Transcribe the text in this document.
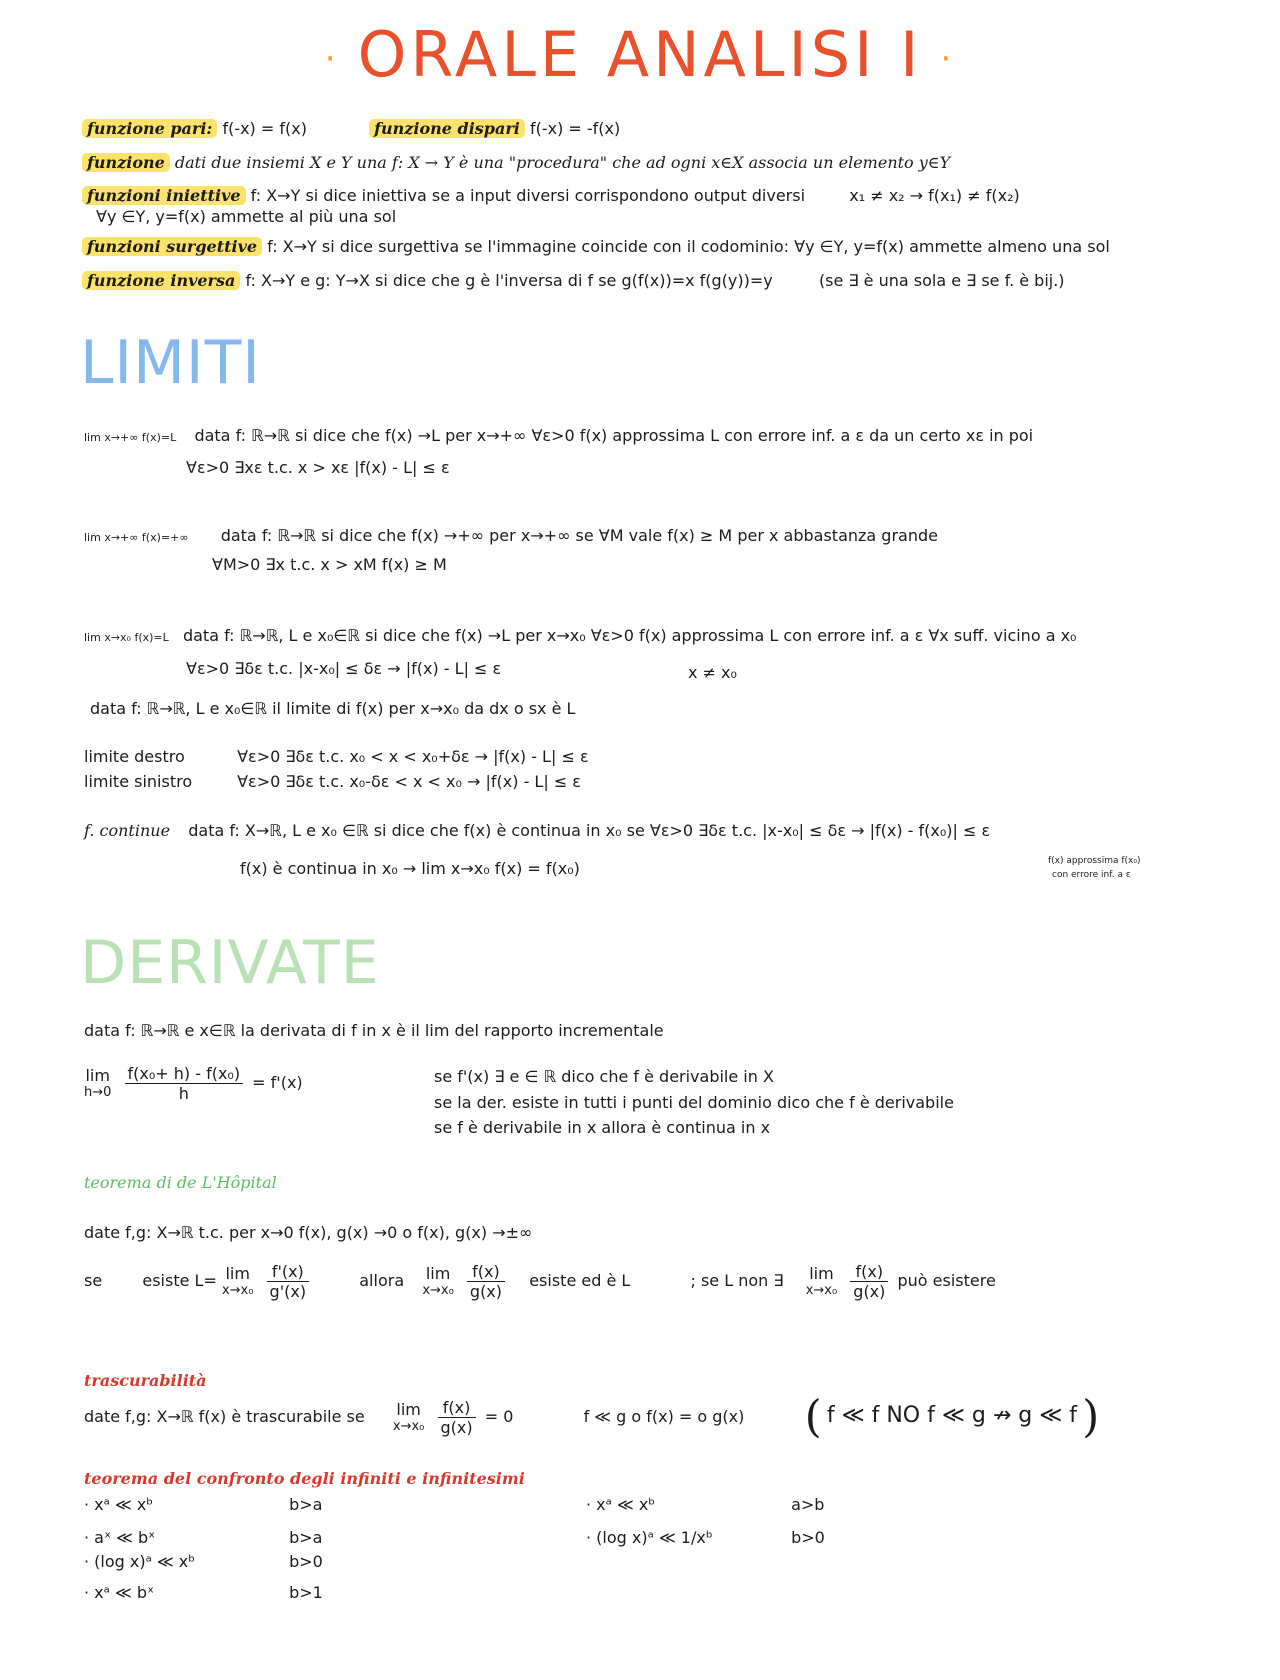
· ORALE ANALISI I ·
funzione pari: f(-x) = f(x)	funzione dispari f(-x) = -f(x)
funzione dati due insiemi X e Y una f: X → Y è una "procedura" che ad ogni x∈X associa un elemento y∈Y
funzioni iniettive f: X→Y si dice iniettiva se a input diversi corrispondono output diversi	x₁ ≠ x₂ → f(x₁) ≠ f(x₂)
∀y ∈Y, y=f(x) ammette al più una sol
funzioni surgettive f: X→Y si dice surgettiva se l'immagine coincide con il codominio: ∀y ∈Y, y=f(x) ammette almeno una sol
funzione inversa f: X→Y e g: Y→X si dice che g è l'inversa di f se g(f(x))=x f(g(y))=y	(se ∃ è una sola e ∃ se f. è bij.)
LIMITI
lim x→+∞ f(x)=L data f: ℝ→ℝ si dice che f(x) →L per x→+∞ ∀ε>0 f(x) approssima L con errore inf. a ε da un certo xε in poi
∀ε>0 ∃xε t.c. x > xε |f(x) - L| ≤ ε
lim x→+∞ f(x)=+∞ data f: ℝ→ℝ si dice che f(x) →+∞ per x→+∞ se ∀M vale f(x) ≥ M per x abbastanza grande
∀M>0 ∃x t.c. x > xM f(x) ≥ M
lim x→x₀ f(x)=L data f: ℝ→ℝ, L e x₀∈ℝ si dice che f(x) →L per x→x₀ ∀ε>0 f(x) approssima L con errore inf. a ε ∀x suff. vicino a x₀
∀ε>0 ∃δε t.c. |x-x₀| ≤ δε → |f(x) - L| ≤ ε	x ≠ x₀
data f: ℝ→ℝ, L e x₀∈ℝ il limite di f(x) per x→x₀ da dx o sx è L
limite destro	∀ε>0 ∃δε t.c. x₀ < x < x₀+δε → |f(x) - L| ≤ ε
limite sinistro	∀ε>0 ∃δε t.c. x₀-δε < x < x₀ → |f(x) - L| ≤ ε
f. continue data f: X→ℝ, L e x₀ ∈ℝ si dice che f(x) è continua in x₀ se ∀ε>0 ∃δε t.c. |x-x₀| ≤ δε → |f(x) - f(x₀)| ≤ ε
f(x) è continua in x₀ → lim x→x₀ f(x) = f(x₀)	f(x) approssima f(x₀)
con errore inf. a ε
DERIVATE
data f: ℝ→ℝ e x∈ℝ la derivata di f in x è il lim del rapporto incrementale
lim
h→0
$\frac{\text{f(x₀+ h) - f(x₀)}}{h} = f'(x)$	se f'(x) ∃ e ∈ ℝ dico che f è derivabile in X
se la der. esiste in tutti i punti del dominio dico che f è derivabile
se f è derivabile in x allora è continua in x
teorema di de L'Hôpital
date f,g: X→ℝ t.c. per x→0 f(x), g(x) →0 o f(x), g(x) →±∞
se	esiste L= lim
x→x₀
$\frac{f'(x)}{g'(x)}$	allora lim
x→x₀
$\frac{f(x)}{g(x)}$ esiste ed è L	; se L non ∃ lim
x→x₀
$\frac{f(x)}{g(x)}$ può esistere
trascurabilità
date f,g: X→ℝ f(x) è trascurabile se lim
x→x₀
$\frac{f(x)}{g(x)} = 0$	f ≪ g o f(x) = o g(x) ( f ≪ f NO f ≪ g ↛ g ≪ f )
teorema del confronto degli infiniti e infinitesimi
· xᵃ ≪ xᵇ	b>a
· aˣ ≪ bˣ	b>a
· (log x)ᵃ ≪ xᵇ	b>0
· xᵃ ≪ bˣ	b>1
· xᵃ ≪ xᵇ	a>b
· (log x)ᵃ ≪ 1/xᵇ	b>0
